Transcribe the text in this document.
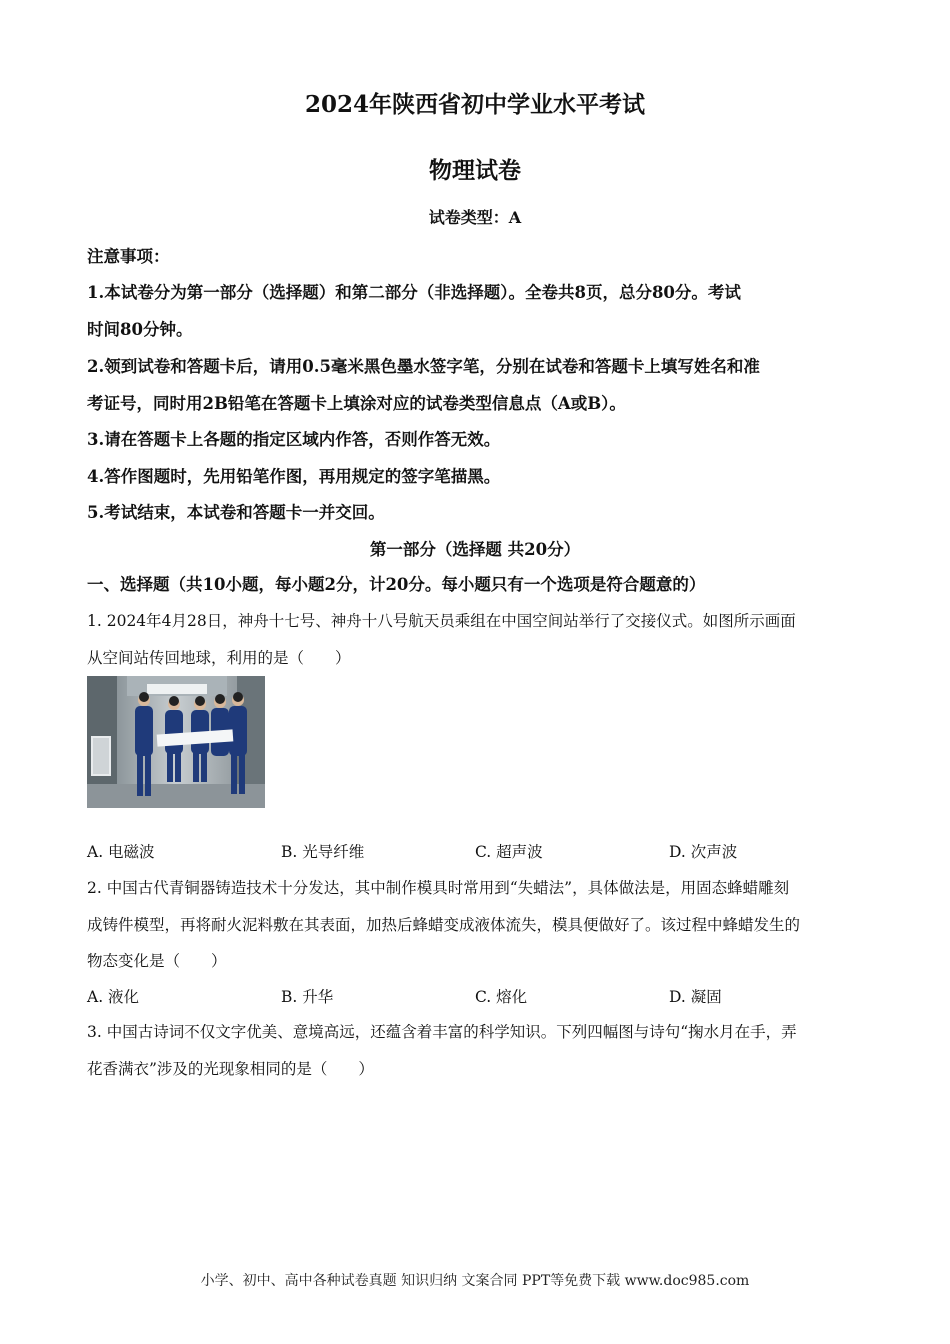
2024年陕西省初中学业水平考试
物理试卷
试卷类型：A
注意事项：
1.本试卷分为第一部分（选择题）和第二部分（非选择题）。全卷共8页，总分80分。考试
时间80分钟。
2.领到试卷和答题卡后，请用0.5毫米黑色墨水签字笔，分别在试卷和答题卡上填写姓名和准
考证号，同时用2B铅笔在答题卡上填涂对应的试卷类型信息点（A或B）。
3.请在答题卡上各题的指定区域内作答，否则作答无效。
4.答作图题时，先用铅笔作图，再用规定的签字笔描黑。
5.考试结束，本试卷和答题卡一并交回。
第一部分（选择题 共20分）
一、选择题（共10小题，每小题2分，计20分。每小题只有一个选项是符合题意的）
1. 2024年4月28日，神舟十七号、神舟十八号航天员乘组在中国空间站举行了交接仪式。如图所示画面
从空间站传回地球，利用的是（　　）
A. 电磁波	B. 光导纤维	C. 超声波	D. 次声波
2. 中国古代青铜器铸造技术十分发达，其中制作模具时常用到“失蜡法”，具体做法是，用固态蜂蜡雕刻
成铸件模型，再将耐火泥料敷在其表面，加热后蜂蜡变成液体流失，模具便做好了。该过程中蜂蜡发生的
物态变化是（　　）
A. 液化	B. 升华	C. 熔化	D. 凝固
3. 中国古诗词不仅文字优美、意境高远，还蕴含着丰富的科学知识。下列四幅图与诗句“掬水月在手，弄
花香满衣”涉及的光现象相同的是（　　）
小学、初中、高中各种试卷真题 知识归纳 文案合同 PPT等免费下载 www.doc985.com
